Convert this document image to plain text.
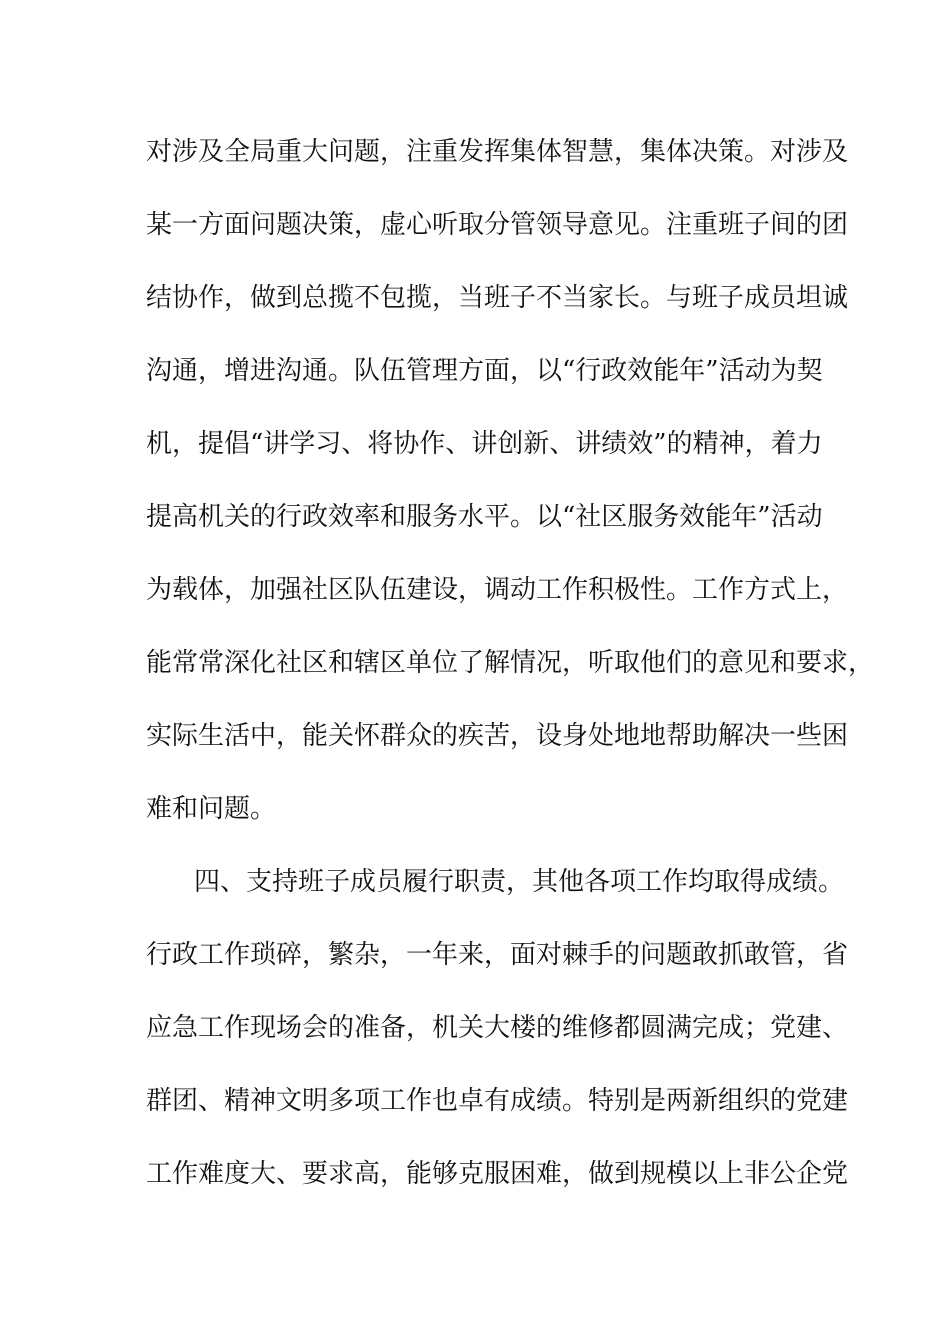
对涉及全局重大问题，注重发挥集体智慧，集体决策。对涉及
某一方面问题决策，虚心听取分管领导意见。注重班子间的团
结协作，做到总揽不包揽，当班子不当家长。与班子成员坦诚
沟通，增进沟通。队伍管理方面，以“行政效能年”活动为契
机，提倡“讲学习、将协作、讲创新、讲绩效”的精神，着力
提高机关的行政效率和服务水平。以“社区服务效能年”活动
为载体，加强社区队伍建设，调动工作积极性。工作方式上，
能常常深化社区和辖区单位了解情况，听取他们的意见和要求，
实际生活中，能关怀群众的疾苦，设身处地地帮助解决一些困
难和问题。
四、支持班子成员履行职责，其他各项工作均取得成绩。
行政工作琐碎，繁杂，一年来，面对棘手的问题敢抓敢管，省
应急工作现场会的准备，机关大楼的维修都圆满完成；党建、
群团、精神文明多项工作也卓有成绩。特别是两新组织的党建
工作难度大、要求高，能够克服困难，做到规模以上非公企党
